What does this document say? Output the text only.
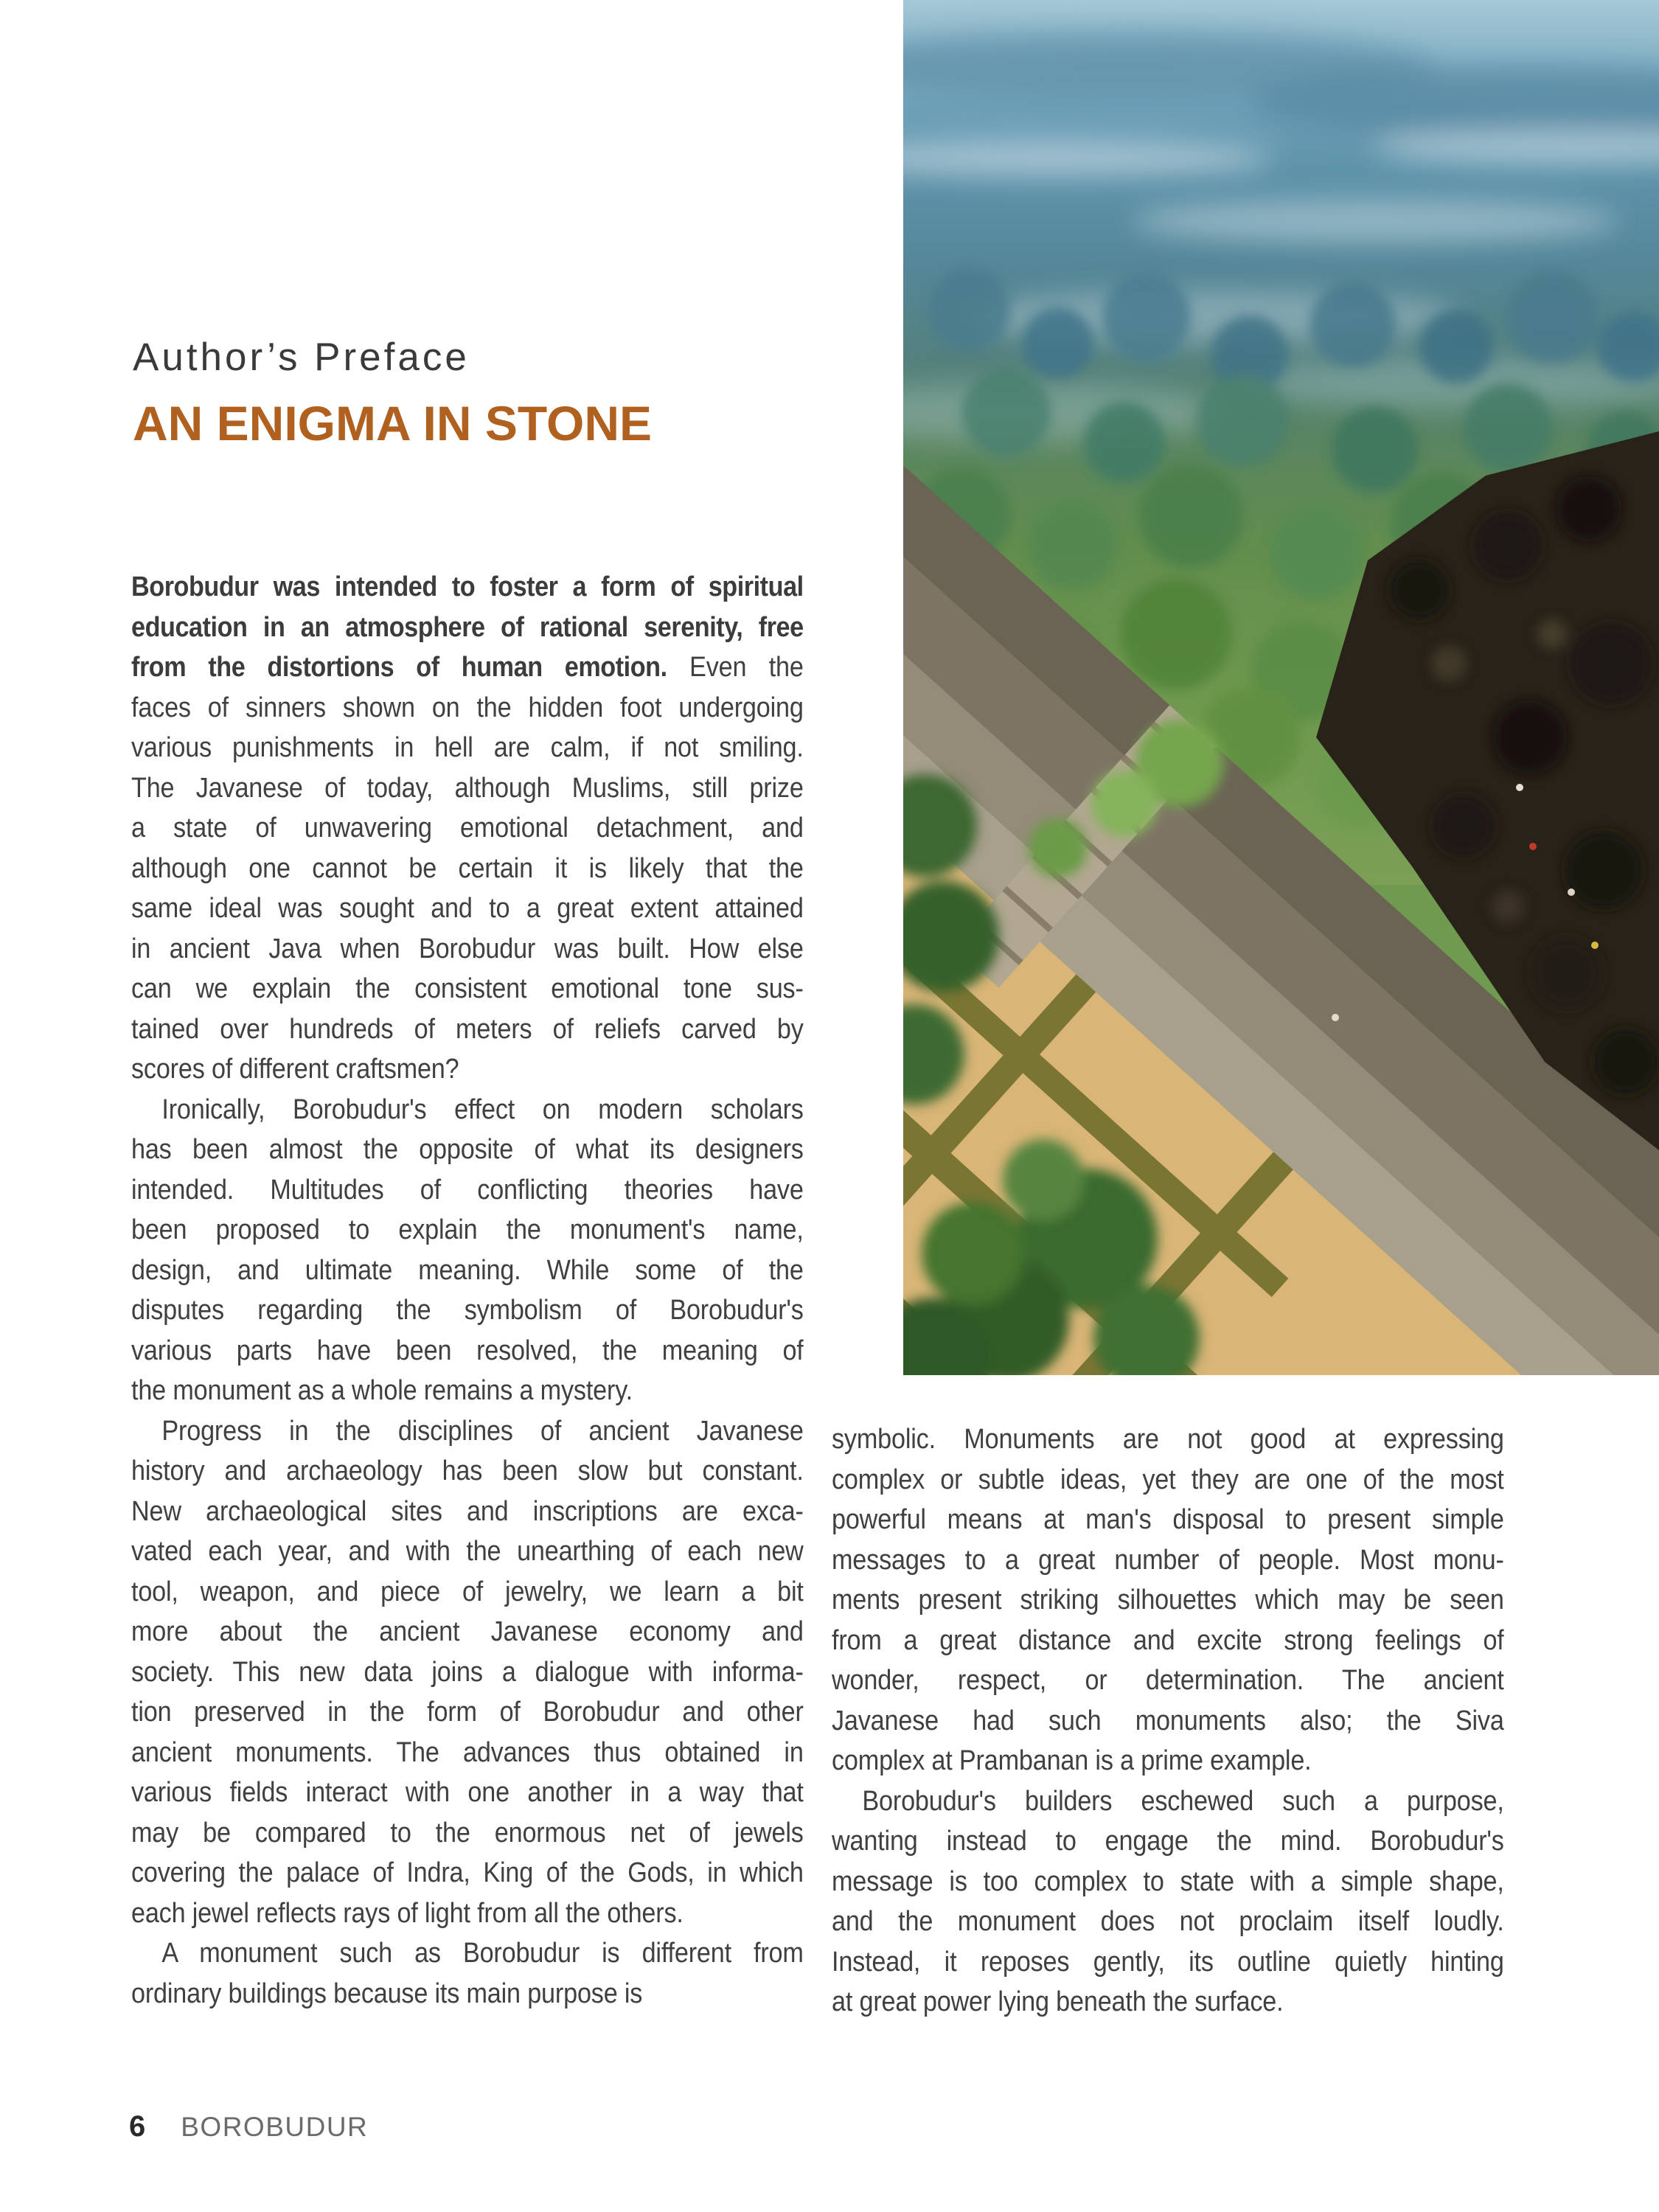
Author’s Preface
AN ENIGMA IN STONE
Borobudur was intended to foster a form of spiritual
education in an atmosphere of rational serenity, free
from the distortions of human emotion. Even the
faces of sinners shown on the hidden foot undergoing
various punishments in hell are calm, if not smiling.
The Javanese of today, although Muslims, still prize
a state of unwavering emotional detachment, and
although one cannot be certain it is likely that the
same ideal was sought and to a great extent attained
in ancient Java when Borobudur was built. How else
can we explain the consistent emotional tone sus-
tained over hundreds of meters of reliefs carved by
scores of different craftsmen?
Ironically, Borobudur's effect on modern scholars
has been almost the opposite of what its designers
intended. Multitudes of conflicting theories have
been proposed to explain the monument's name,
design, and ultimate meaning. While some of the
disputes regarding the symbolism of Borobudur's
various parts have been resolved, the meaning of
the monument as a whole remains a mystery.
Progress in the disciplines of ancient Javanese
history and archaeology has been slow but constant.
New archaeological sites and inscriptions are exca-
vated each year, and with the unearthing of each new
tool, weapon, and piece of jewelry, we learn a bit
more about the ancient Javanese economy and
society. This new data joins a dialogue with informa-
tion preserved in the form of Borobudur and other
ancient monuments. The advances thus obtained in
various fields interact with one another in a way that
may be compared to the enormous net of jewels
covering the palace of Indra, King of the Gods, in which
each jewel reflects rays of light from all the others.
A monument such as Borobudur is different from
ordinary buildings because its main purpose is
symbolic. Monuments are not good at expressing
complex or subtle ideas, yet they are one of the most
powerful means at man's disposal to present simple
messages to a great number of people. Most monu-
ments present striking silhouettes which may be seen
from a great distance and excite strong feelings of
wonder, respect, or determination. The ancient
Javanese had such monuments also; the Siva
complex at Prambanan is a prime example.
Borobudur's builders eschewed such a purpose,
wanting instead to engage the mind. Borobudur's
message is too complex to state with a simple shape,
and the monument does not proclaim itself loudly.
Instead, it reposes gently, its outline quietly hinting
at great power lying beneath the surface.
6 BOROBUDUR
